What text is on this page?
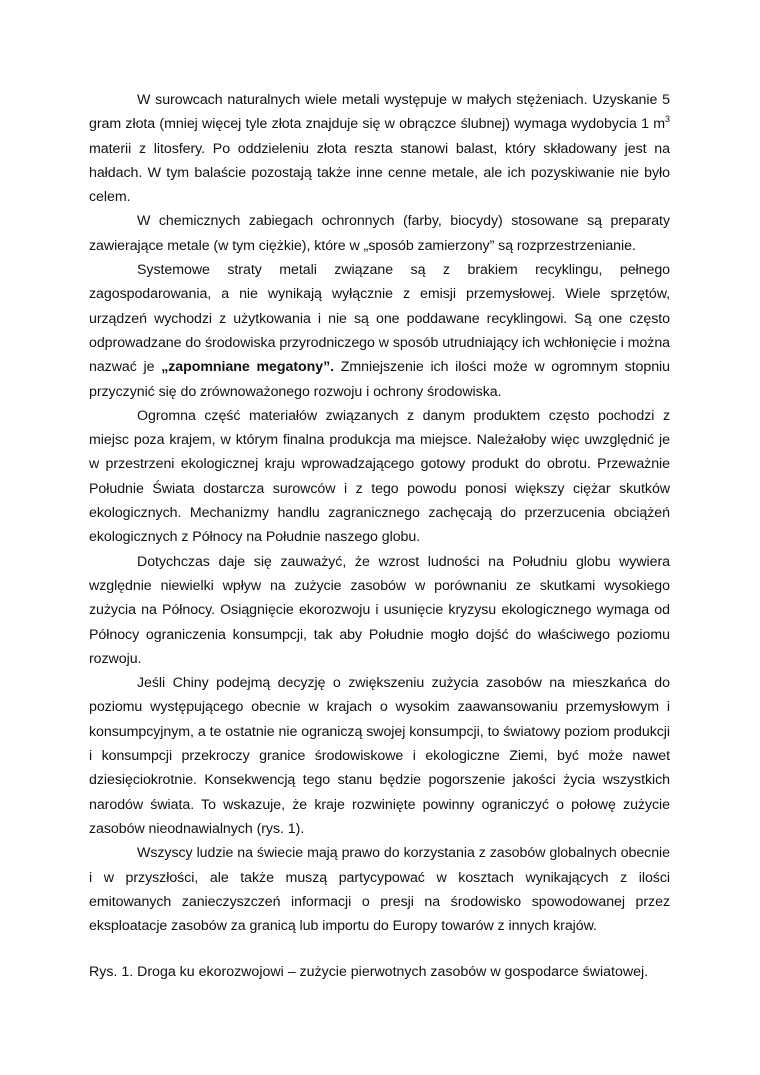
W surowcach naturalnych wiele metali występuje w małych stężeniach. Uzyskanie 5 gram złota (mniej więcej tyle złota znajduje się w obrączce ślubnej) wymaga wydobycia 1 $m^3$ materii z litosfery. Po oddzieleniu złota reszta stanowi balast, który składowany jest na hałdach. W tym balaście pozostają także inne cenne metale, ale ich pozyskiwanie nie było celem.

W chemicznych zabiegach ochronnych (farby, biocydy) stosowane są preparaty zawierające metale (w tym ciężkie), które w „sposób zamierzony” są rozprzestrzenianie.

Systemowe straty metali związane są z brakiem recyklingu, pełnego zagospodarowania, a nie wynikają wyłącznie z emisji przemysłowej. Wiele sprzętów, urządzeń wychodzi z użytkowania i nie są one poddawane recyklingowi. Są one często odprowadzane do środowiska przyrodniczego w sposób utrudniający ich wchłonięcie i można nazwać je „zapomniane megatony”. Zmniejszenie ich ilości może w ogromnym stopniu przyczynić się do zrównoważonego rozwoju i ochrony środowiska.

Ogromna część materiałów związanych z danym produktem często pochodzi z miejsc poza krajem, w którym finalna produkcja ma miejsce. Należałoby więc uwzględnić je w przestrzeni ekologicznej kraju wprowadzającego gotowy produkt do obrotu. Przeważnie Południe Świata dostarcza surowców i z tego powodu ponosi większy ciężar skutków ekologicznych. Mechanizmy handlu zagranicznego zachęcają do przerzucenia obciążeń ekologicznych z Północy na Południe naszego globu.

Dotychczas daje się zauważyć, że wzrost ludności na Południu globu wywiera względnie niewielki wpływ na zużycie zasobów w porównaniu ze skutkami wysokiego zużycia na Północy. Osiągnięcie ekorozwoju i usunięcie kryzysu ekologicznego wymaga od Północy ograniczenia konsumpcji, tak aby Południe mogło dojść do właściwego poziomu rozwoju.

Jeśli Chiny podejmą decyzję o zwiększeniu zużycia zasobów na mieszkańca do poziomu występującego obecnie w krajach o wysokim zaawansowaniu przemysłowym i konsumpcyjnym, a te ostatnie nie ograniczą swojej konsumpcji, to światowy poziom produkcji i konsumpcji przekroczy granice środowiskowe i ekologiczne Ziemi, być może nawet dziesięciokrotnie. Konsekwencją tego stanu będzie pogorszenie jakości życia wszystkich narodów świata. To wskazuje, że kraje rozwinięte powinny ograniczyć o połowę zużycie zasobów nieodnawialnych (rys. 1).

Wszyscy ludzie na świecie mają prawo do korzystania z zasobów globalnych obecnie i w przyszłości, ale także muszą partycypować w kosztach wynikających z ilości emitowanych zanieczyszczeń informacji o presji na środowisko spowodowanej przez eksploatacje zasobów za granicą lub importu do Europy towarów z innych krajów.

Rys. 1. Droga ku ekorozwojowi – zużycie pierwotnych zasobów w gospodarce światowej.
